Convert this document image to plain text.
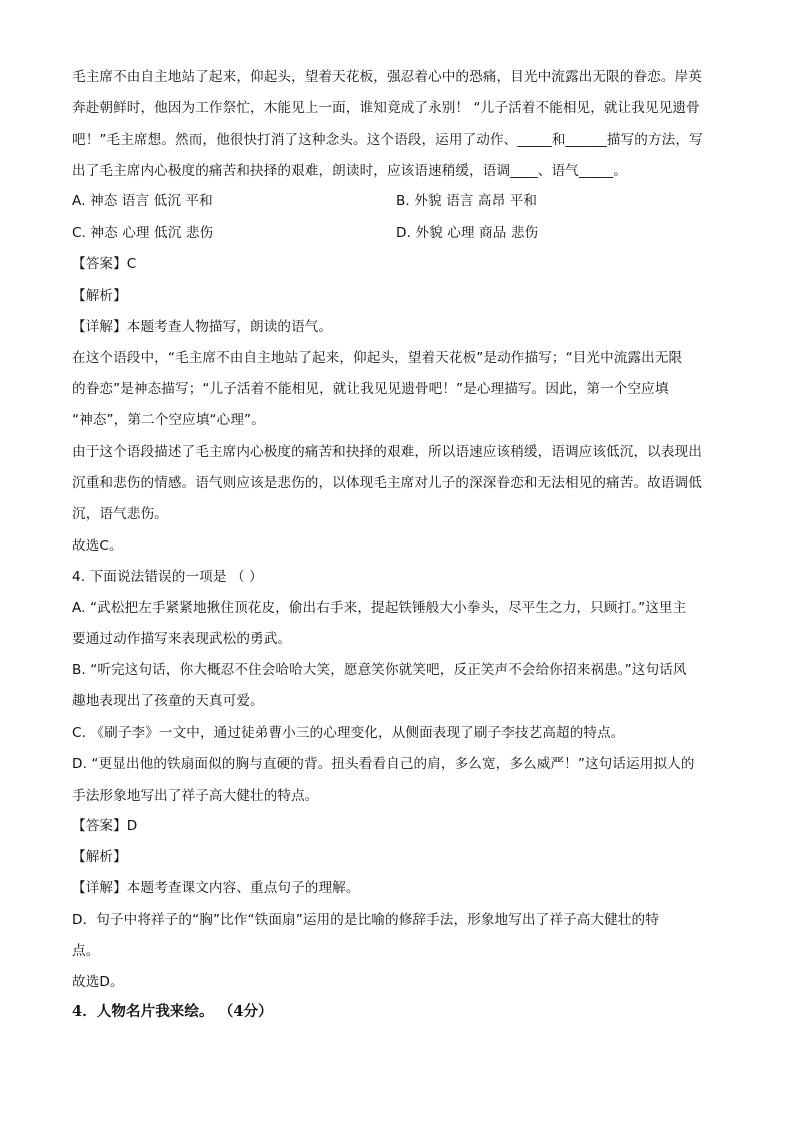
毛主席不由自主地站了起来，仰起头，望着天花板，强忍着心中的恐痛，目光中流露出无限的眷恋。岸英
奔赴朝鲜时，他因为工作祭忙，木能见上一面，谁知竟成了永别！ “儿子活着不能相见，就让我见见遗骨
吧！”毛主席想。然而，他很快打消了这种念头。这个语段，运用了动作、_____和______描写的方法，写
出了毛主席内心极度的痛苦和抉择的艰难，朗读时，应该语速稍缓，语调____、语气_____。
A. 神态 语言 低沉 平和	B. 外貌 语言 高昂 平和
C. 神态 心理 低沉 悲伤	D. 外貌 心理 商品 悲伤
【答案】C
【解析】
【详解】本题考查人物描写，朗读的语气。
在这个语段中，“毛主席不由自主地站了起来，仰起头，望着天花板”是动作描写；“目光中流露出无限
的眷恋”是神态描写；“儿子活着不能相见，就让我见见遗骨吧！”是心理描写。因此，第一个空应填
“神态”，第二个空应填“心理”。
由于这个语段描述了毛主席内心极度的痛苦和抉择的艰难，所以语速应该稍缓，语调应该低沉，以表现出
沉重和悲伤的情感。语气则应该是悲伤的，以体现毛主席对儿子的深深眷恋和无法相见的痛苦。故语调低
沉，语气悲伤。
故选C。
4. 下面说法错误的一项是 （ ）
A. “武松把左手紧紧地揪住顶花皮，偷出右手来，提起铁锤般大小拳头，尽平生之力，只顾打。”这里主
要通过动作描写来表现武松的勇武。
B. “听完这句话，你大概忍不住会哈哈大笑，愿意笑你就笑吧，反正笑声不会给你招来祸患。”这句话风
趣地表现出了孩童的天真可爱。
C. 《刷子李》一文中，通过徒弟曹小三的心理变化，从侧面表现了刷子李技艺高超的特点。
D. “更显出他的铁扇面似的胸与直硬的背。扭头看看自己的肩，多么宽，多么威严！”这句话运用拟人的
手法形象地写出了祥子高大健壮的特点。
【答案】D
【解析】
【详解】本题考查课文内容、重点句子的理解。
D．句子中将祥子的“胸”比作“铁面扇”运用的是比喻的修辞手法，形象地写出了祥子高大健壮的特
点。
故选D。
4．人物名片我来绘。 （4分）
